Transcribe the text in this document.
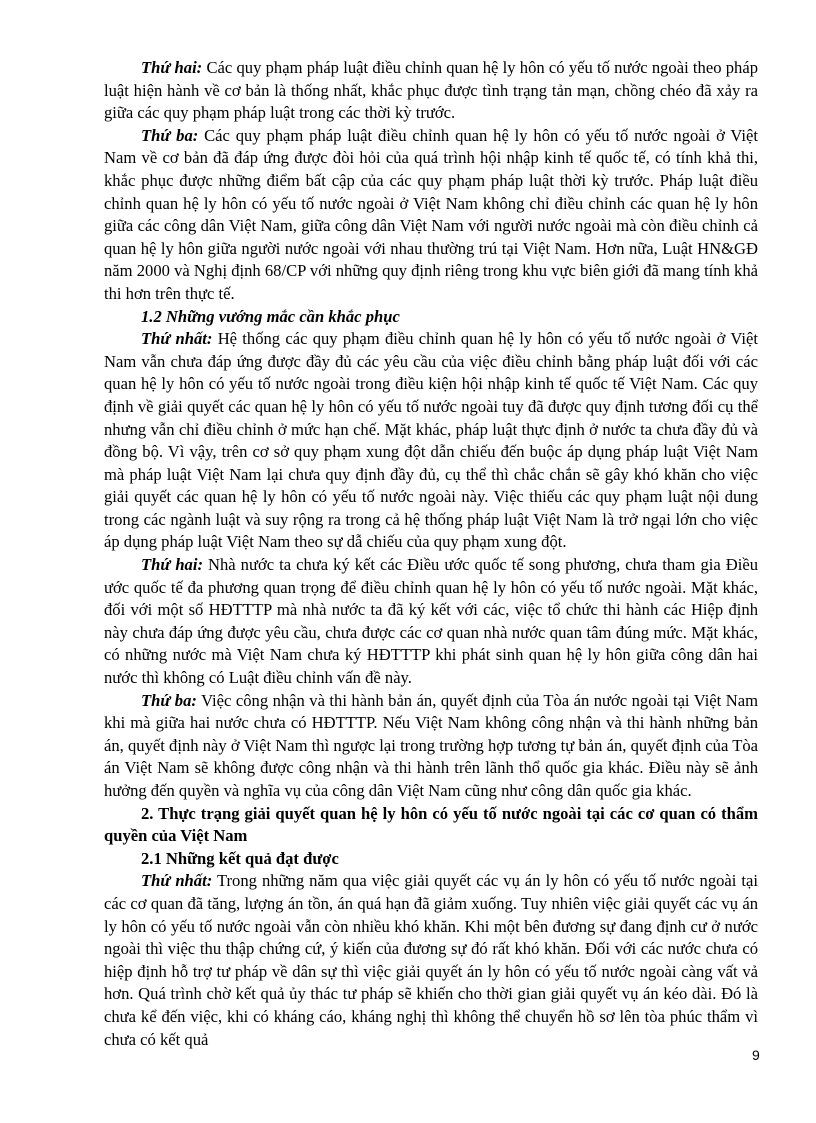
Thứ hai: Các quy phạm pháp luật điều chỉnh quan hệ ly hôn có yếu tố nước ngoài theo pháp luật hiện hành về cơ bản là thống nhất, khắc phục được tình trạng tản mạn, chồng chéo đã xảy ra giữa các quy phạm pháp luật trong các thời kỳ trước.

Thứ ba: Các quy phạm pháp luật điều chỉnh quan hệ ly hôn có yếu tố nước ngoài ở Việt Nam về cơ bản đã đáp ứng được đòi hỏi của quá trình hội nhập kinh tế quốc tế, có tính khả thi, khắc phục được những điểm bất cập của các quy phạm pháp luật thời kỳ trước. Pháp luật điều chỉnh quan hệ ly hôn có yếu tố nước ngoài ở Việt Nam không chỉ điều chỉnh các quan hệ ly hôn giữa các công dân Việt Nam, giữa công dân Việt Nam với người nước ngoài mà còn điều chỉnh cả quan hệ ly hôn giữa người nước ngoài với nhau thường trú tại Việt Nam. Hơn nữa, Luật HN&GĐ năm 2000 và Nghị định 68/CP với những quy định riêng trong khu vực biên giới đã mang tính khả thi hơn trên thực tế.

1.2 Những vướng mắc cần khắc phục

Thứ nhất: Hệ thống các quy phạm điều chỉnh quan hệ ly hôn có yếu tố nước ngoài ở Việt Nam vẫn chưa đáp ứng được đầy đủ các yêu cầu của việc điều chỉnh bằng pháp luật đối với các quan hệ ly hôn có yếu tố nước ngoài trong điều kiện hội nhập kinh tế quốc tế Việt Nam. Các quy định về giải quyết các quan hệ ly hôn có yếu tố nước ngoài tuy đã được quy định tương đối cụ thể nhưng vẫn chỉ điều chỉnh ở mức hạn chế. Mặt khác, pháp luật thực định ở nước ta chưa đầy đủ và đồng bộ. Vì vậy, trên cơ sở quy phạm xung đột dẫn chiếu đến buộc áp dụng pháp luật Việt Nam mà pháp luật Việt Nam lại chưa quy định đầy đủ, cụ thể thì chắc chắn sẽ gây khó khăn cho việc giải quyết các quan hệ ly hôn có yếu tố nước ngoài này. Việc thiếu các quy phạm luật nội dung trong các ngành luật và suy rộng ra trong cả hệ thống pháp luật Việt Nam là trở ngại lớn cho việc áp dụng pháp luật Việt Nam theo sự dẫ chiếu của quy phạm xung đột.

Thứ hai: Nhà nước ta chưa ký kết các Điều ước quốc tế song phương, chưa tham gia Điều ước quốc tế đa phương quan trọng để điều chỉnh quan hệ ly hôn có yếu tố nước ngoài. Mặt khác, đối với một số HĐTTTP mà nhà nước ta đã ký kết với các, việc tổ chức thi hành các Hiệp định này chưa đáp ứng được yêu cầu, chưa được các cơ quan nhà nước quan tâm đúng mức. Mặt khác, có những nước mà Việt Nam chưa ký HĐTTTP khi phát sinh quan hệ ly hôn giữa công dân hai nước thì không có Luật điều chỉnh vấn đề này.

Thứ ba: Việc công nhận và thi hành bản án, quyết định của Tòa án nước ngoài tại Việt Nam khi mà giữa hai nước chưa có HĐTTTP. Nếu Việt Nam không công nhận và thi hành những bản án, quyết định này ở Việt Nam thì ngược lại trong trường hợp tương tự bản án, quyết định của Tòa án Việt Nam sẽ không được công nhận và thi hành trên lãnh thổ quốc gia khác. Điều này sẽ ảnh hưởng đến quyền và nghĩa vụ của công dân Việt Nam cũng như công dân quốc gia khác.

2. Thực trạng giải quyết quan hệ ly hôn có yếu tố nước ngoài tại các cơ quan có thẩm quyền của Việt Nam

2.1 Những kết quả đạt được

Thứ nhất: Trong những năm qua việc giải quyết các vụ án ly hôn có yếu tố nước ngoài tại các cơ quan đã tăng, lượng án tồn, án quá hạn đã giảm xuống. Tuy nhiên việc giải quyết các vụ án ly hôn có yếu tố nước ngoài vẫn còn nhiều khó khăn. Khi một bên đương sự đang định cư ở nước ngoài thì việc thu thập chứng cứ, ý kiến của đương sự đó rất khó khăn. Đối với các nước chưa có hiệp định hỗ trợ tư pháp về dân sự thì việc giải quyết án ly hôn có yếu tố nước ngoài càng vất vả hơn. Quá trình chờ kết quả ủy thác tư pháp sẽ khiến cho thời gian giải quyết vụ án kéo dài. Đó là chưa kể đến việc, khi có kháng cáo, kháng nghị thì không thể chuyển hồ sơ lên tòa phúc thẩm vì chưa có kết quả

9
